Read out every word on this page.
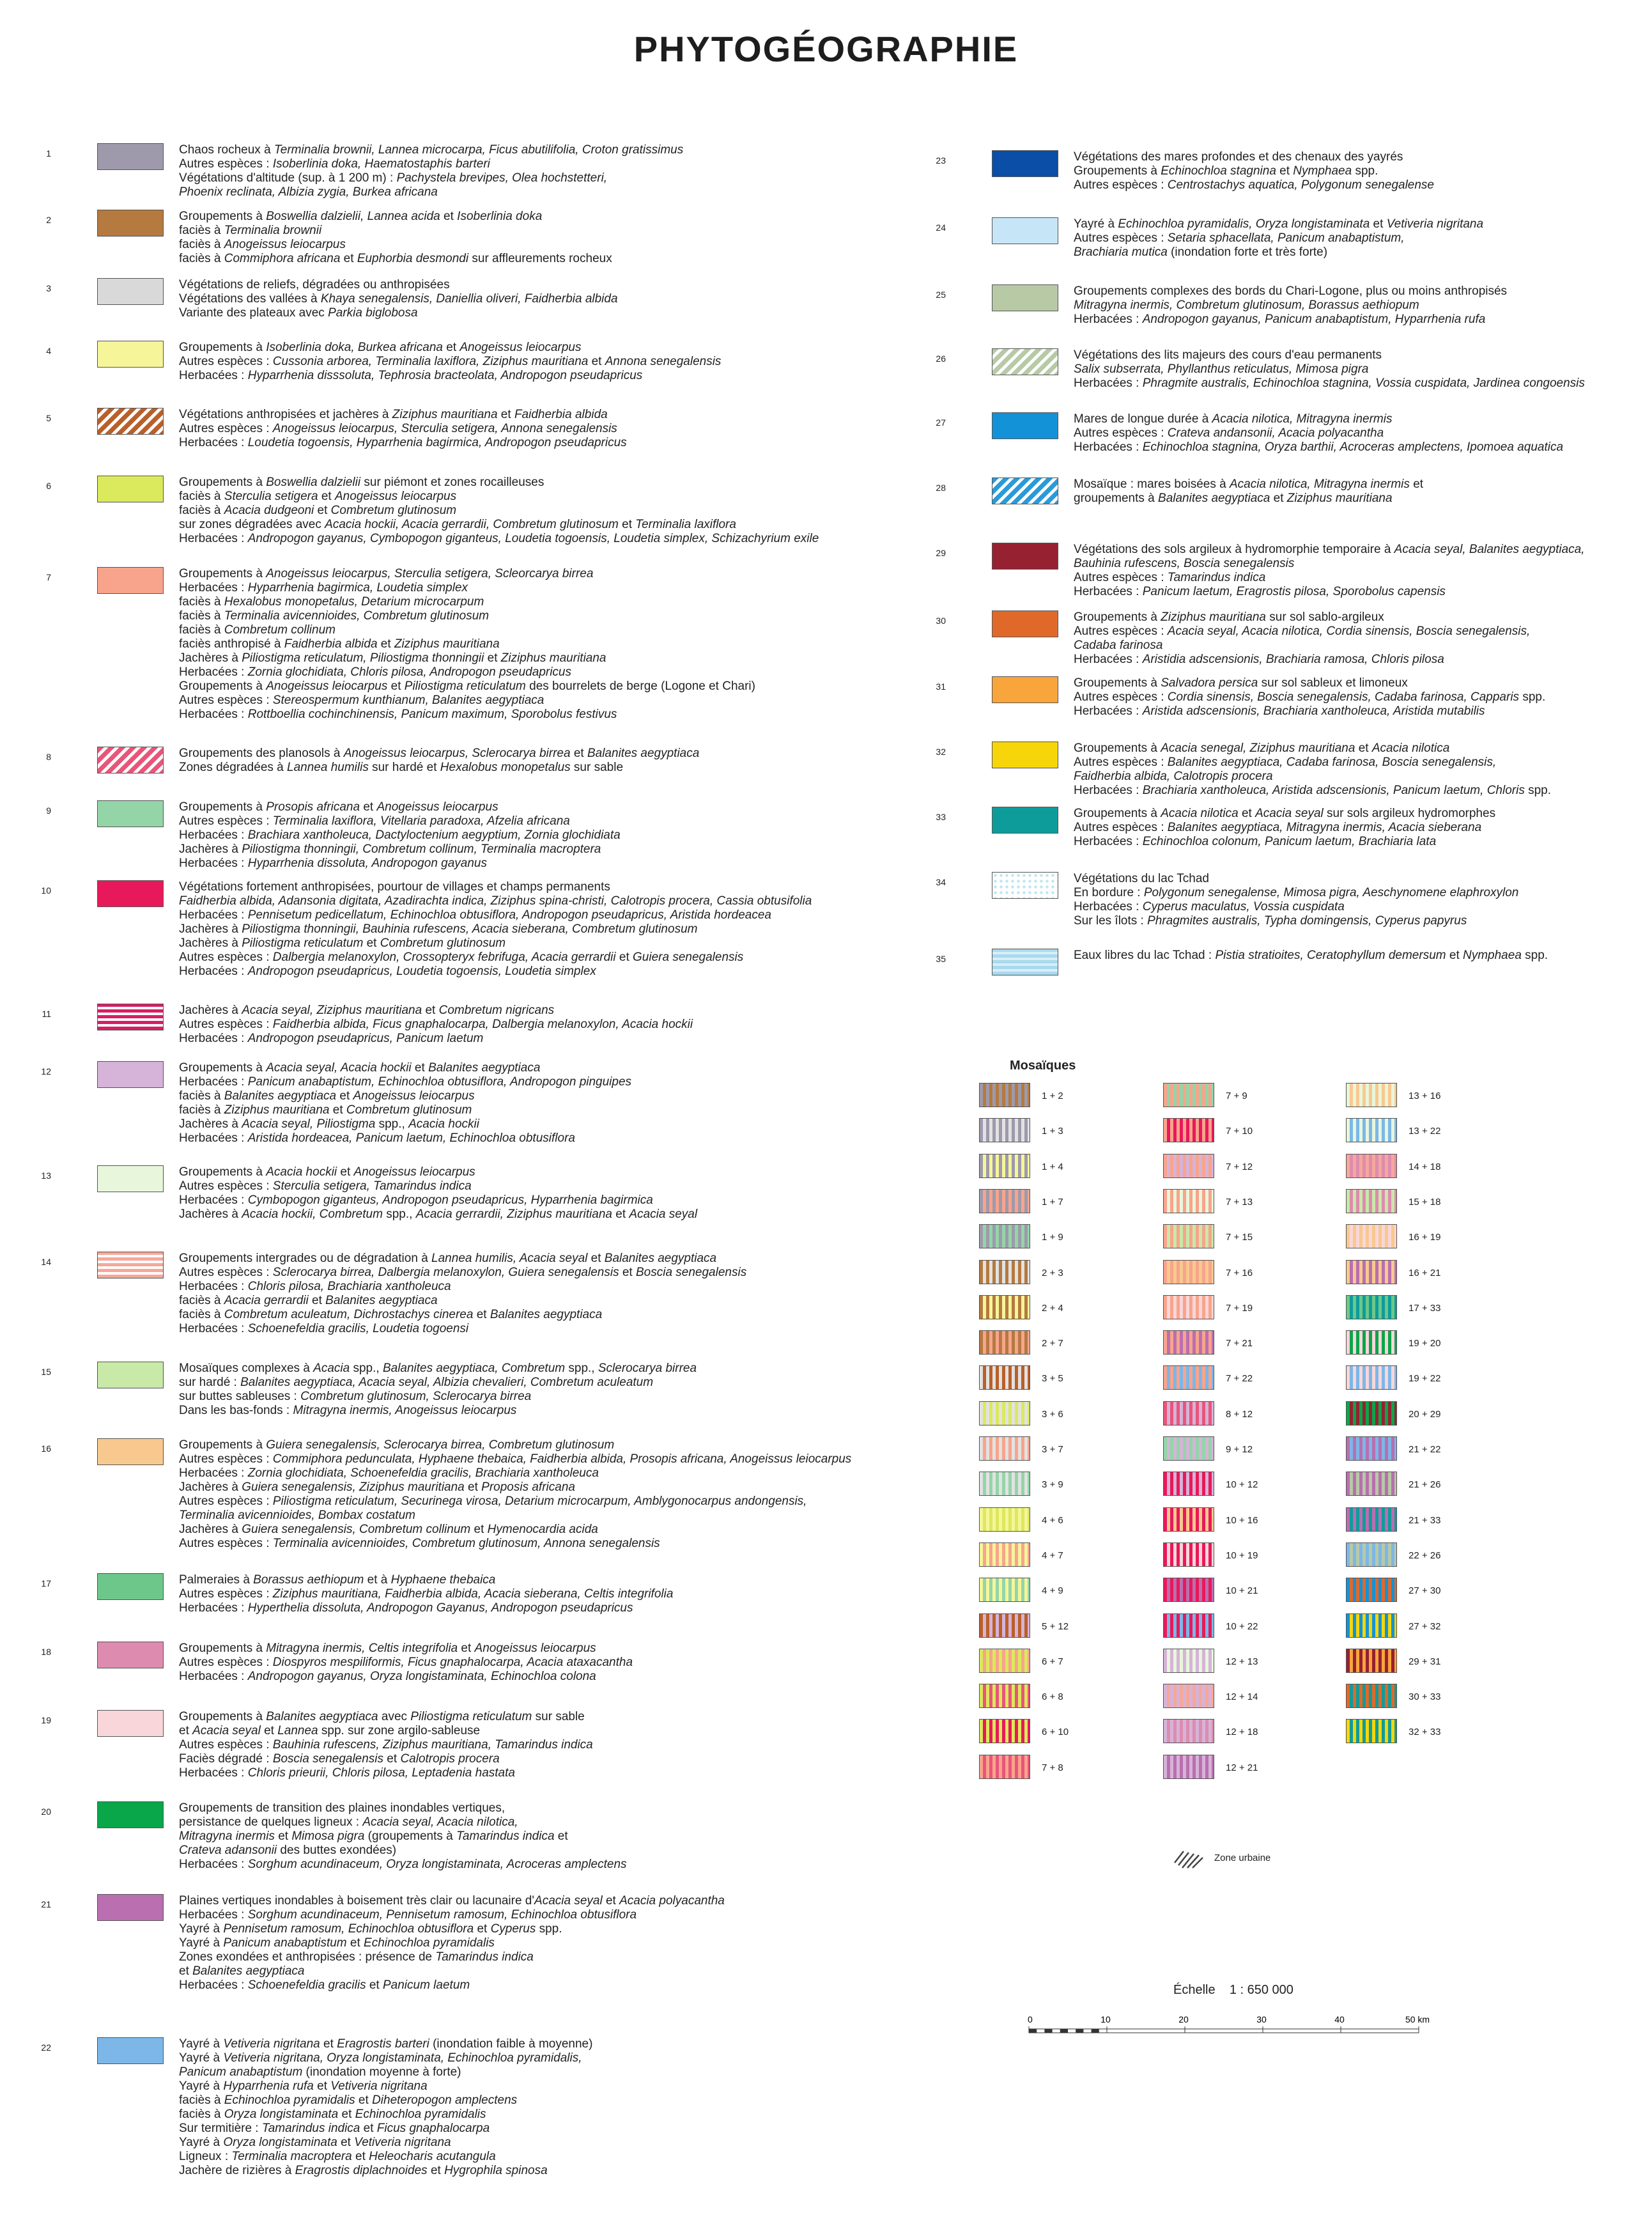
PHYTOGÉOGRAPHIE
1	Chaos rocheux à Terminalia brownii, Lannea microcarpa, Ficus abutilifolia, Croton gratissimus
Autres espèces : Isoberlinia doka, Haematostaphis barteri
Végétations d'altitude (sup. à 1 200 m) : Pachystela brevipes, Olea hochstetteri,
Phoenix reclinata, Albizia zygia, Burkea africana
2	Groupements à Boswellia dalzielii, Lannea acida et Isoberlinia doka
faciès à Terminalia brownii
faciès à Anogeissus leiocarpus
faciès à Commiphora africana et Euphorbia desmondi sur affleurements rocheux
3	Végétations de reliefs, dégradées ou anthropisées
Végétations des vallées à Khaya senegalensis, Daniellia oliveri, Faidherbia albida
Variante des plateaux avec Parkia biglobosa
4	Groupements à Isoberlinia doka, Burkea africana et Anogeissus leiocarpus
Autres espèces : Cussonia arborea, Terminalia laxiflora, Ziziphus mauritiana et Annona senegalensis
Herbacées : Hyparrhenia disssoluta, Tephrosia bracteolata, Andropogon pseudapricus
5	Végétations anthropisées et jachères à Ziziphus mauritiana et Faidherbia albida
Autres espèces : Anogeissus leiocarpus, Sterculia setigera, Annona senegalensis
Herbacées : Loudetia togoensis, Hyparrhenia bagirmica, Andropogon pseudapricus
6	Groupements à Boswellia dalzielii sur piémont et zones rocailleuses
faciès à Sterculia setigera et Anogeissus leiocarpus
faciès à Acacia dudgeoni et Combretum glutinosum
sur zones dégradées avec Acacia hockii, Acacia gerrardii, Combretum glutinosum et Terminalia laxiflora
Herbacées : Andropogon gayanus, Cymbopogon giganteus, Loudetia togoensis, Loudetia simplex, Schizachyrium exile
7	Groupements à Anogeissus leiocarpus, Sterculia setigera, Scleorcarya birrea
Herbacées : Hyparrhenia bagirmica, Loudetia simplex
faciès à Hexalobus monopetalus, Detarium microcarpum
faciès à Terminalia avicennioides, Combretum glutinosum
faciès à Combretum collinum
faciès anthropisé à Faidherbia albida et Ziziphus mauritiana
Jachères à Piliostigma reticulatum, Piliostigma thonningii et Ziziphus mauritiana
Herbacées : Zornia glochidiata, Chloris pilosa, Andropogon pseudapricus
Groupements à Anogeissus leiocarpus et Piliostigma reticulatum des bourrelets de berge (Logone et Chari)
Autres espèces : Stereospermum kunthianum, Balanites aegyptiaca
Herbacées : Rottboellia cochinchinensis, Panicum maximum, Sporobolus festivus
8	Groupements des planosols à Anogeissus leiocarpus, Sclerocarya birrea et Balanites aegyptiaca
Zones dégradées à Lannea humilis sur hardé et Hexalobus monopetalus sur sable
9	Groupements à Prosopis africana et Anogeissus leiocarpus
Autres espèces : Terminalia laxiflora, Vitellaria paradoxa, Afzelia africana
Herbacées : Brachiara xantholeuca, Dactyloctenium aegyptium, Zornia glochidiata
Jachères à Piliostigma thonningii, Combretum collinum, Terminalia macroptera
Herbacées : Hyparrhenia dissoluta, Andropogon gayanus
10	Végétations fortement anthropisées, pourtour de villages et champs permanents
Faidherbia albida, Adansonia digitata, Azadirachta indica, Ziziphus spina-christi, Calotropis procera, Cassia obtusifolia
Herbacées : Pennisetum pedicellatum, Echinochloa obtusiflora, Andropogon pseudapricus, Aristida hordeacea
Jachères à Piliostigma thonningii, Bauhinia rufescens, Acacia sieberana, Combretum glutinosum
Jachères à Piliostigma reticulatum et Combretum glutinosum
Autres espèces : Dalbergia melanoxylon, Crossopteryx febrifuga, Acacia gerrardii et Guiera senegalensis
Herbacées : Andropogon pseudapricus, Loudetia togoensis, Loudetia simplex
11	Jachères à Acacia seyal, Ziziphus mauritiana et Combretum nigricans
Autres espèces : Faidherbia albida, Ficus gnaphalocarpa, Dalbergia melanoxylon, Acacia hockii
Herbacées : Andropogon pseudapricus, Panicum laetum
12	Groupements à Acacia seyal, Acacia hockii et Balanites aegyptiaca
Herbacées : Panicum anabaptistum, Echinochloa obtusiflora, Andropogon pinguipes
faciès à Balanites aegyptiaca et Anogeissus leiocarpus
faciès à Ziziphus mauritiana et Combretum glutinosum
Jachères à Acacia seyal, Piliostigma spp., Acacia hockii
Herbacées : Aristida hordeacea, Panicum laetum, Echinochloa obtusiflora
13	Groupements à Acacia hockii et Anogeissus leiocarpus
Autres espèces : Sterculia setigera, Tamarindus indica
Herbacées : Cymbopogon giganteus, Andropogon pseudapricus, Hyparrhenia bagirmica
Jachères à Acacia hockii, Combretum spp., Acacia gerrardii, Ziziphus mauritiana et Acacia seyal
14	Groupements intergrades ou de dégradation à Lannea humilis, Acacia seyal et Balanites aegyptiaca
Autres espèces : Sclerocarya birrea, Dalbergia melanoxylon, Guiera senegalensis et Boscia senegalensis
Herbacées : Chloris pilosa, Brachiaria xantholeuca
faciès à Acacia gerrardii et Balanites aegyptiaca
faciès à Combretum aculeatum, Dichrostachys cinerea et Balanites aegyptiaca
Herbacées : Schoenefeldia gracilis, Loudetia togoensi
15	Mosaïques complexes à Acacia spp., Balanites aegyptiaca, Combretum spp., Sclerocarya birrea
sur hardé : Balanites aegyptiaca, Acacia seyal, Albizia chevalieri, Combretum aculeatum
sur buttes sableuses : Combretum glutinosum, Sclerocarya birrea
Dans les bas-fonds : Mitragyna inermis, Anogeissus leiocarpus
16	Groupements à Guiera senegalensis, Sclerocarya birrea, Combretum glutinosum
Autres espèces : Commiphora pedunculata, Hyphaene thebaica, Faidherbia albida, Prosopis africana, Anogeissus leiocarpus
Herbacées : Zornia glochidiata, Schoenefeldia gracilis, Brachiaria xantholeuca
Jachères à Guiera senegalensis, Ziziphus mauritiana et Proposis africana
Autres espèces : Piliostigma reticulatum, Securinega virosa, Detarium microcarpum, Amblygonocarpus andongensis,
Terminalia avicennioides, Bombax costatum
Jachères à Guiera senegalensis, Combretum collinum et Hymenocardia acida
Autres espèces : Terminalia avicennioides, Combretum glutinosum, Annona senegalensis
17	Palmeraies à Borassus aethiopum et à Hyphaene thebaica
Autres espèces : Ziziphus mauritiana, Faidherbia albida, Acacia sieberana, Celtis integrifolia
Herbacées : Hyperthelia dissoluta, Andropogon Gayanus, Andropogon pseudapricus
18	Groupements à Mitragyna inermis, Celtis integrifolia et Anogeissus leiocarpus
Autres espèces : Diospyros mespiliformis, Ficus gnaphalocarpa, Acacia ataxacantha
Herbacées : Andropogon gayanus, Oryza longistaminata, Echinochloa colona
19	Groupements à Balanites aegyptiaca avec Piliostigma reticulatum sur sable
et Acacia seyal et Lannea spp. sur zone argilo-sableuse
Autres espèces : Bauhinia rufescens, Ziziphus mauritiana, Tamarindus indica
Faciès dégradé : Boscia senegalensis et Calotropis procera
Herbacées : Chloris prieurii, Chloris pilosa, Leptadenia hastata
20	Groupements de transition des plaines inondables vertiques,
persistance de quelques ligneux : Acacia seyal, Acacia nilotica,
Mitragyna inermis et Mimosa pigra (groupements à Tamarindus indica et
Crateva adansonii des buttes exondées)
Herbacées : Sorghum acundinaceum, Oryza longistaminata, Acroceras amplectens
21	Plaines vertiques inondables à boisement très clair ou lacunaire d'Acacia seyal et Acacia polyacantha
Herbacées : Sorghum acundinaceum, Pennisetum ramosum, Echinochloa obtusiflora
Yayré à Pennisetum ramosum, Echinochloa obtusiflora et Cyperus spp.
Yayré à Panicum anabaptistum et Echinochloa pyramidalis
Zones exondées et anthropisées : présence de Tamarindus indica
et Balanites aegyptiaca
Herbacées : Schoenefeldia gracilis et Panicum laetum
22	Yayré à Vetiveria nigritana et Eragrostis barteri (inondation faible à moyenne)
Yayré à Vetiveria nigritana, Oryza longistaminata, Echinochloa pyramidalis,
Panicum anabaptistum (inondation moyenne à forte)
Yayré à Hyparrhenia rufa et Vetiveria nigritana
faciès à Echinochloa pyramidalis et Diheteropogon amplectens
faciès à Oryza longistaminata et Echinochloa pyramidalis
Sur termitière : Tamarindus indica et Ficus gnaphalocarpa
Yayré à Oryza longistaminata et Vetiveria nigritana
Ligneux : Terminalia macroptera et Heleocharis acutangula
Jachère de rizières à Eragrostis diplachnoides et Hygrophila spinosa
23	Végétations des mares profondes et des chenaux des yayrés
Groupements à Echinochloa stagnina et Nymphaea spp.
Autres espèces : Centrostachys aquatica, Polygonum senegalense
24	Yayré à Echinochloa pyramidalis, Oryza longistaminata et Vetiveria nigritana
Autres espèces : Setaria sphacellata, Panicum anabaptistum,
Brachiaria mutica (inondation forte et très forte)
25	Groupements complexes des bords du Chari-Logone, plus ou moins anthropisés
Mitragyna inermis, Combretum glutinosum, Borassus aethiopum
Herbacées : Andropogon gayanus, Panicum anabaptistum, Hyparrhenia rufa
26	Végétations des lits majeurs des cours d'eau permanents
Salix subserrata, Phyllanthus reticulatus, Mimosa pigra
Herbacées : Phragmite australis, Echinochloa stagnina, Vossia cuspidata, Jardinea congoensis
27	Mares de longue durée à Acacia nilotica, Mitragyna inermis
Autres espèces : Crateva andansonii, Acacia polyacantha
Herbacées : Echinochloa stagnina, Oryza barthii, Acroceras amplectens, Ipomoea aquatica
28	Mosaïque : mares boisées à Acacia nilotica, Mitragyna inermis et
groupements à Balanites aegyptiaca et Ziziphus mauritiana
29	Végétations des sols argileux à hydromorphie temporaire à Acacia seyal, Balanites aegyptiaca,
Bauhinia rufescens, Boscia senegalensis
Autres espèces : Tamarindus indica
Herbacées : Panicum laetum, Eragrostis pilosa, Sporobolus capensis
30	Groupements à Ziziphus mauritiana sur sol sablo-argileux
Autres espèces : Acacia seyal, Acacia nilotica, Cordia sinensis, Boscia senegalensis,
Cadaba farinosa
Herbacées : Aristidia adscensionis, Brachiaria ramosa, Chloris pilosa
31	Groupements à Salvadora persica sur sol sableux et limoneux
Autres espèces : Cordia sinensis, Boscia senegalensis, Cadaba farinosa, Capparis spp.
Herbacées : Aristida adscensionis, Brachiaria xantholeuca, Aristida mutabilis
32	Groupements à Acacia senegal, Ziziphus mauritiana et Acacia nilotica
Autres espèces : Balanites aegyptiaca, Cadaba farinosa, Boscia senegalensis,
Faidherbia albida, Calotropis procera
Herbacées : Brachiaria xantholeuca, Aristida adscensionis, Panicum laetum, Chloris spp.
33	Groupements à Acacia nilotica et Acacia seyal sur sols argileux hydromorphes
Autres espèces : Balanites aegyptiaca, Mitragyna inermis, Acacia sieberana
Herbacées : Echinochloa colonum, Panicum laetum, Brachiaria lata
34	Végétations du lac Tchad
En bordure : Polygonum senegalense, Mimosa pigra, Aeschynomene elaphroxylon
Herbacées : Cyperus maculatus, Vossia cuspidata
Sur les îlots : Phragmites australis, Typha domingensis, Cyperus papyrus
35	Eaux libres du lac Tchad : Pistia stratioites, Ceratophyllum demersum et Nymphaea spp.
Mosaïques
1 + 2
1 + 3
1 + 4
1 + 7
1 + 9
2 + 3
2 + 4
2 + 7
3 + 5
3 + 6
3 + 7
3 + 9
4 + 6
4 + 7
4 + 9
5 + 12
6 + 7
6 + 8
6 + 10
7 + 8
7 + 9
7 + 10
7 + 12
7 + 13
7 + 15
7 + 16
7 + 19
7 + 21
7 + 22
8 + 12
9 + 12
10 + 12
10 + 16
10 + 19
10 + 21
10 + 22
12 + 13
12 + 14
12 + 18
12 + 21
13 + 16
13 + 22
14 + 18
15 + 18
16 + 19
16 + 21
17 + 33
19 + 20
19 + 22
20 + 29
21 + 22
21 + 26
21 + 33
22 + 26
27 + 30
27 + 32
29 + 31
30 + 33
32 + 33
Zone urbaine
Échelle    1 : 650 000
0	10	20	30	40	50 km
